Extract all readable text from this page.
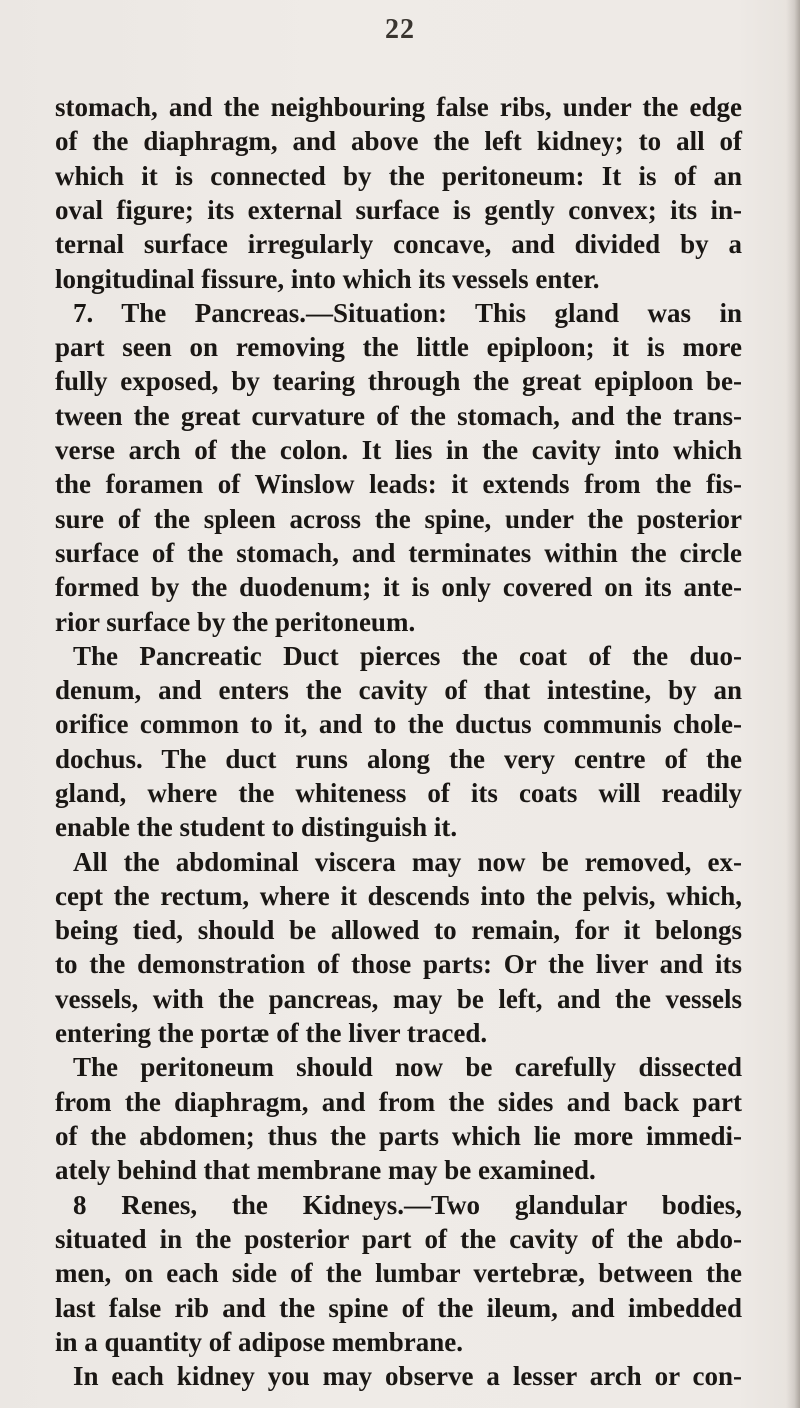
22
stomach, and the neighbouring false ribs, under the edge
of the diaphragm, and above the left kidney; to all of
which it is connected by the peritoneum: It is of an
oval figure; its external surface is gently convex; its in-
ternal surface irregularly concave, and divided by a
longitudinal fissure, into which its vessels enter.
7. The Pancreas.—Situation: This gland was in
part seen on removing the little epiploon; it is more
fully exposed, by tearing through the great epiploon be-
tween the great curvature of the stomach, and the trans-
verse arch of the colon. It lies in the cavity into which
the foramen of Winslow leads: it extends from the fis-
sure of the spleen across the spine, under the posterior
surface of the stomach, and terminates within the circle
formed by the duodenum; it is only covered on its ante-
rior surface by the peritoneum.
The Pancreatic Duct pierces the coat of the duo-
denum, and enters the cavity of that intestine, by an
orifice common to it, and to the ductus communis chole-
dochus. The duct runs along the very centre of the
gland, where the whiteness of its coats will readily
enable the student to distinguish it.
All the abdominal viscera may now be removed, ex-
cept the rectum, where it descends into the pelvis, which,
being tied, should be allowed to remain, for it belongs
to the demonstration of those parts: Or the liver and its
vessels, with the pancreas, may be left, and the vessels
entering the portæ of the liver traced.
The peritoneum should now be carefully dissected
from the diaphragm, and from the sides and back part
of the abdomen; thus the parts which lie more immedi-
ately behind that membrane may be examined.
8 Renes, the Kidneys.—Two glandular bodies,
situated in the posterior part of the cavity of the abdo-
men, on each side of the lumbar vertebræ, between the
last false rib and the spine of the ileum, and imbedded
in a quantity of adipose membrane.
In each kidney you may observe a lesser arch or con-
